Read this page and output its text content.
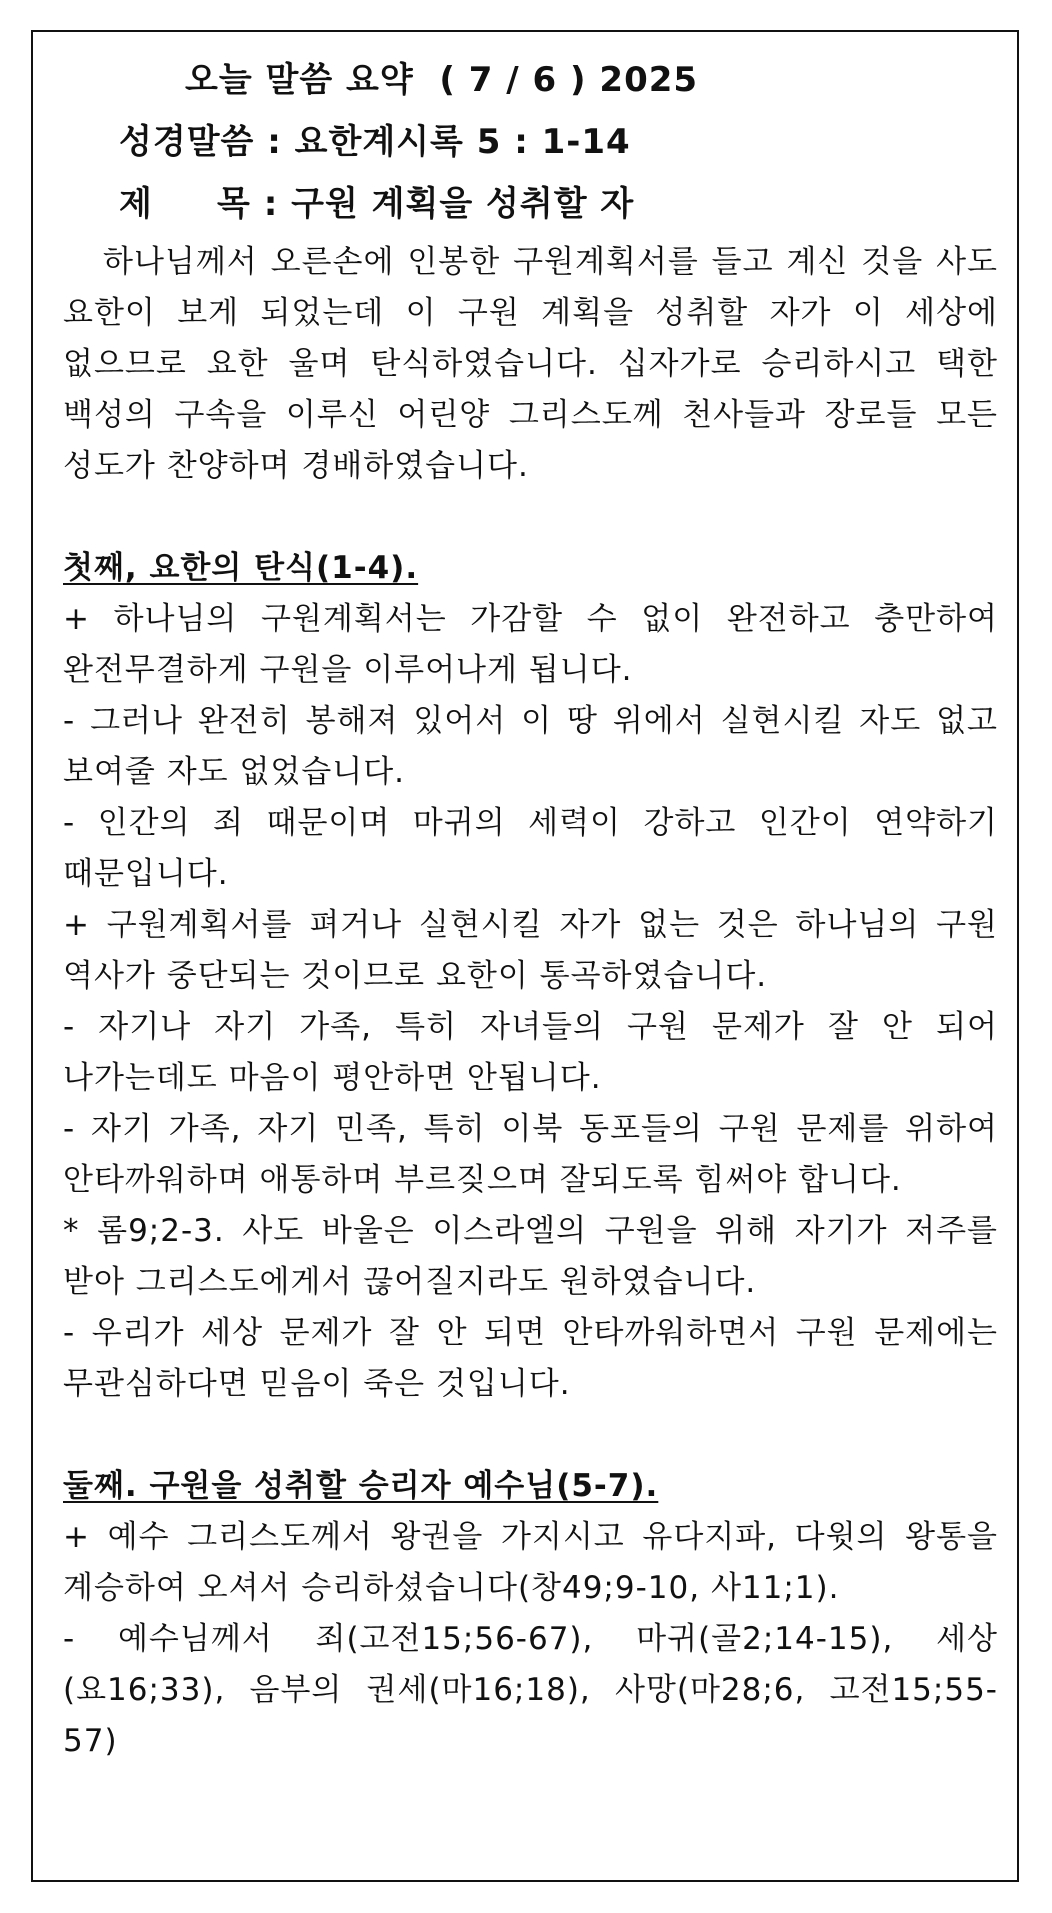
오늘 말씀 요약  ( 7 / 6 ) 2025
성경말씀 : 요한계시록 5 : 1-14
제     목 : 구원 계획을 성취할 자

하나님께서 오른손에 인봉한 구원계획서를 들고 계신 것을 사도 요한이 보게 되었는데 이 구원 계획을 성취할 자가 이 세상에 없으므로 요한 울며 탄식하였습니다. 십자가로 승리하시고 택한 백성의 구속을 이루신 어린양 그리스도께 천사들과 장로들 모든 성도가 찬양하며 경배하였습니다.

첫째, 요한의 탄식(1-4).
+ 하나님의 구원계획서는 가감할 수 없이 완전하고 충만하여 완전무결하게 구원을 이루어나게 됩니다.
- 그러나 완전히 봉해져 있어서 이 땅 위에서 실현시킬 자도 없고 보여줄 자도 없었습니다.
- 인간의 죄 때문이며 마귀의 세력이 강하고 인간이 연약하기 때문입니다.
+ 구원계획서를 펴거나 실현시킬 자가 없는 것은 하나님의 구원 역사가 중단되는 것이므로 요한이 통곡하였습니다.
- 자기나 자기 가족, 특히 자녀들의 구원 문제가 잘 안 되어 나가는데도 마음이 평안하면 안됩니다.
- 자기 가족, 자기 민족, 특히 이북 동포들의 구원 문제를 위하여 안타까워하며 애통하며 부르짖으며 잘되도록 힘써야 합니다.
* 롬9;2-3. 사도 바울은 이스라엘의 구원을 위해 자기가 저주를 받아 그리스도에게서 끊어질지라도 원하였습니다.
- 우리가 세상 문제가 잘 안 되면 안타까워하면서 구원 문제에는 무관심하다면 믿음이 죽은 것입니다.
둘째. 구원을 성취할 승리자 예수님(5-7).
+ 예수 그리스도께서 왕권을 가지시고 유다지파, 다윗의 왕통을 계승하여 오셔서 승리하셨습니다(창49;9-10, 사11;1).
- 예수님께서 죄(고전15;56-67), 마귀(골2;14-15), 세상(요16;33), 음부의 권세(마16;18), 사망(마28;6, 고전15;55-57)
